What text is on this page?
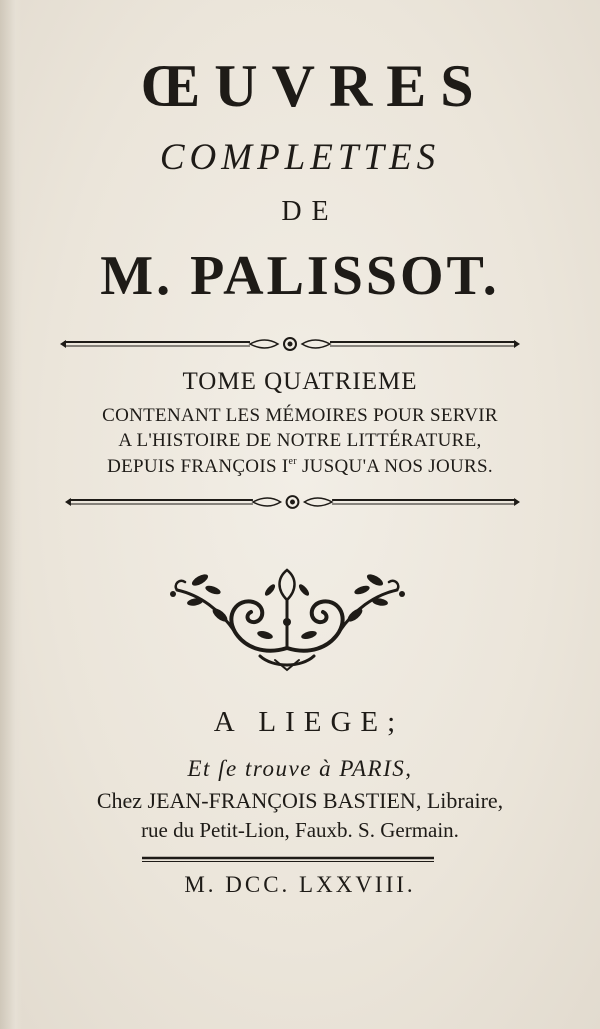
ŒUVRES
COMPLETTES
DE
M. PALISSOT.
TOME QUATRIEME
CONTENANT LES MÉMOIRES POUR SERVIR
A L'HISTOIRE DE NOTRE LITTÉRATURE,
DEPUIS FRANÇOIS Ier JUSQU'A NOS JOURS.
A LIEGE;
Et ſe trouve à PARIS,
Chez JEAN-FRANÇOIS BASTIEN, Libraire,
rue du Petit-Lion, Fauxb. S. Germain.
M. DCC. LXXVIII.
